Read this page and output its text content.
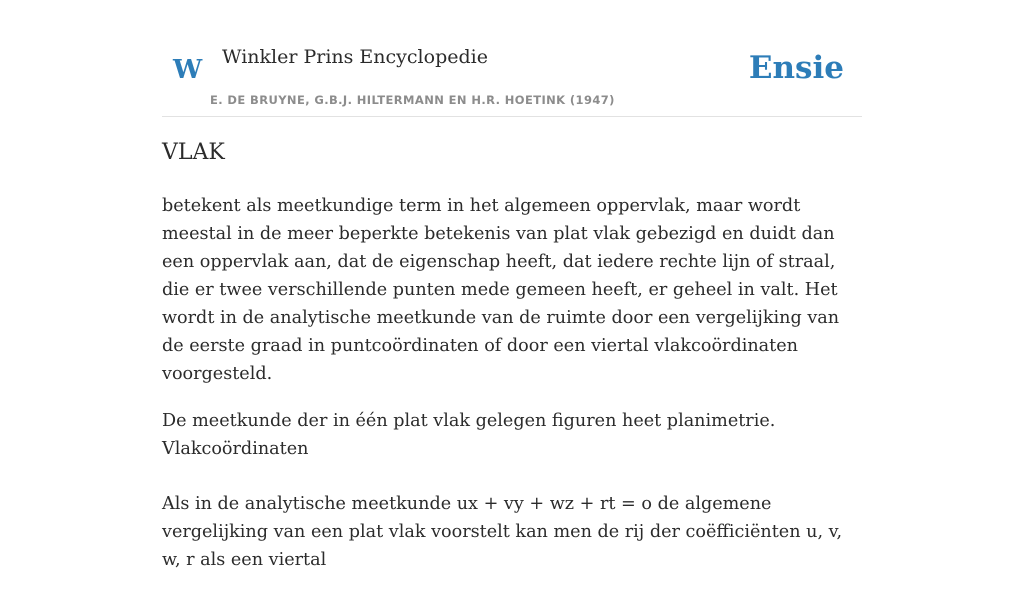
W Winkler Prins Encyclopedie
E. DE BRUYNE, G.B.J. HILTERMANN EN H.R. HOETINK (1947)
Ensie
VLAK

betekent als meetkundige term in het algemeen oppervlak, maar wordt meestal in de meer beperkte betekenis van plat vlak gebezigd en duidt dan een oppervlak aan, dat de eigenschap heeft, dat iedere rechte lijn of straal, die er twee verschillende punten mede gemeen heeft, er geheel in valt. Het wordt in de analytische meetkunde van de ruimte door een vergelijking van de eerste graad in puntcoördinaten of door een viertal vlakcoördinaten voorgesteld.

De meetkunde der in één plat vlak gelegen figuren heet planimetrie.

Vlakcoördinaten

Als in de analytische meetkunde ux + vy + wz + rt = o de algemene vergelijking van een plat vlak voorstelt kan men de rij der coëfficiënten u, v, w, r als een viertal
